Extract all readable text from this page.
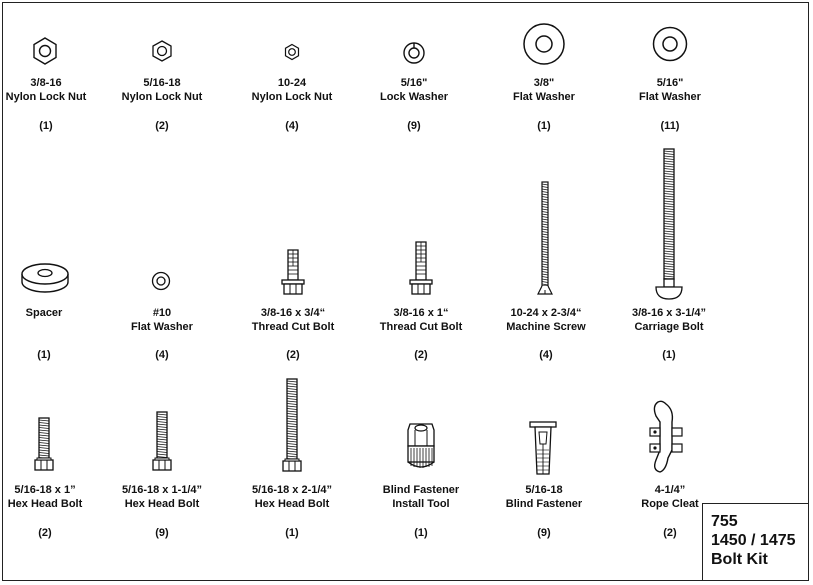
3/8-16
Nylon Lock Nut
(1)
5/16-18
Nylon Lock Nut
(2)
10-24
Nylon Lock Nut
(4)
5/16"
Lock Washer
(9)
3/8"
Flat Washer
(1)
5/16"
Flat Washer
(11)
Spacer
(1)
#10
Flat Washer
(4)
3/8-16 x 3/4“
Thread Cut Bolt
(2)
3/8-16 x 1“
Thread Cut Bolt
(2)
10-24 x 2-3/4“
Machine Screw
(4)
3/8-16 x 3-1/4”
Carriage Bolt
(1)
5/16-18 x 1”
Hex Head Bolt
(2)
5/16-18 x 1-1/4”
Hex Head Bolt
(9)
5/16-18 x 2-1/4”
Hex Head Bolt
(1)
Blind Fastener
Install Tool
(1)
5/16-18
Blind Fastener
(9)
4-1/4”
Rope Cleat
(2)
755
1450 / 1475
Bolt Kit
